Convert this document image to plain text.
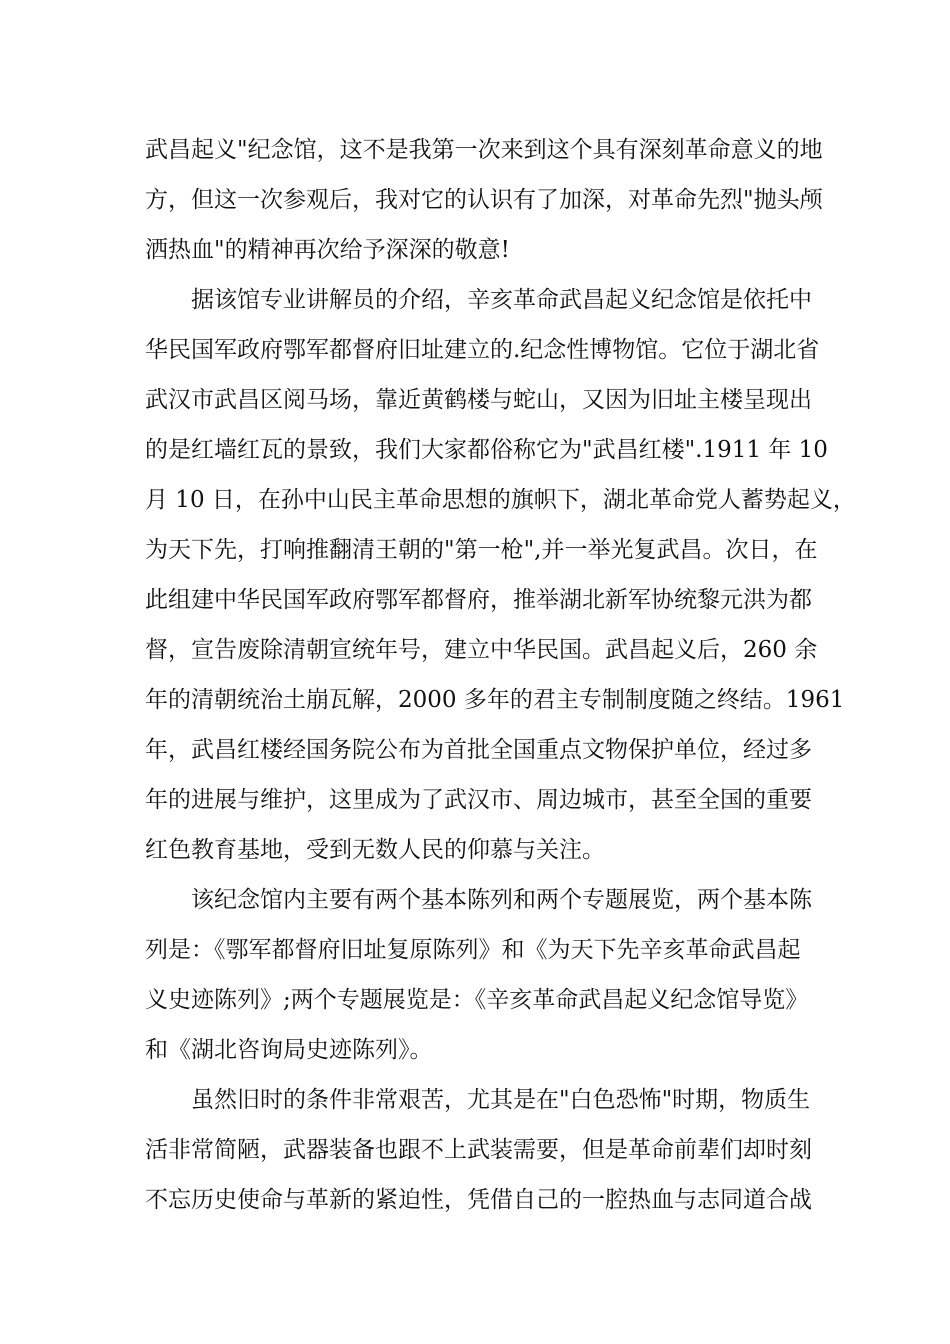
武昌起义"纪念馆，这不是我第一次来到这个具有深刻革命意义的地
方，但这一次参观后，我对它的认识有了加深，对革命先烈"抛头颅
洒热血"的精神再次给予深深的敬意!
据该馆专业讲解员的介绍，辛亥革命武昌起义纪念馆是依托中
华民国军政府鄂军都督府旧址建立的.纪念性博物馆。它位于湖北省
武汉市武昌区阅马场，靠近黄鹤楼与蛇山，又因为旧址主楼呈现出
的是红墙红瓦的景致，我们大家都俗称它为"武昌红楼".1911 年 10
月 10 日，在孙中山民主革命思想的旗帜下，湖北革命党人蓄势起义，
为天下先，打响推翻清王朝的"第一枪",并一举光复武昌。次日，在
此组建中华民国军政府鄂军都督府，推举湖北新军协统黎元洪为都
督，宣告废除清朝宣统年号，建立中华民国。武昌起义后，260 余
年的清朝统治土崩瓦解，2000 多年的君主专制制度随之终结。1961
年，武昌红楼经国务院公布为首批全国重点文物保护单位，经过多
年的进展与维护，这里成为了武汉市、周边城市，甚至全国的重要
红色教育基地，受到无数人民的仰慕与关注。
该纪念馆内主要有两个基本陈列和两个专题展览，两个基本陈
列是：《鄂军都督府旧址复原陈列》和《为天下先辛亥革命武昌起
义史迹陈列》;两个专题展览是：《辛亥革命武昌起义纪念馆导览》
和《湖北咨询局史迹陈列》。
虽然旧时的条件非常艰苦，尤其是在"白色恐怖"时期，物质生
活非常简陋，武器装备也跟不上武装需要，但是革命前辈们却时刻
不忘历史使命与革新的紧迫性，凭借自己的一腔热血与志同道合战
